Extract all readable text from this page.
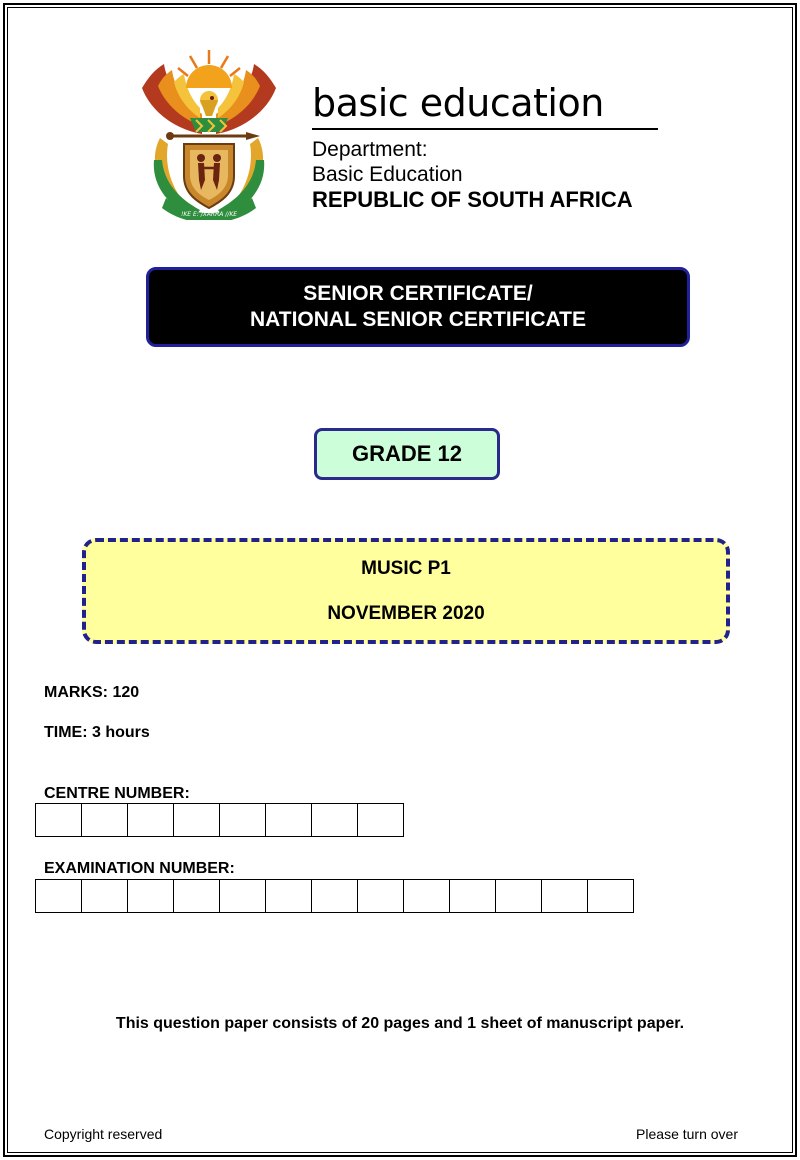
!KE E: /XARRA //KE
basic education
Department:
Basic Education
REPUBLIC OF SOUTH AFRICA
SENIOR CERTIFICATE/
NATIONAL SENIOR CERTIFICATE
GRADE 12
MUSIC P1
NOVEMBER 2020
MARKS: 120
TIME: 3 hours
CENTRE NUMBER:
EXAMINATION NUMBER:
This question paper consists of 20 pages and 1 sheet of manuscript paper.
Copyright reserved	Please turn over
